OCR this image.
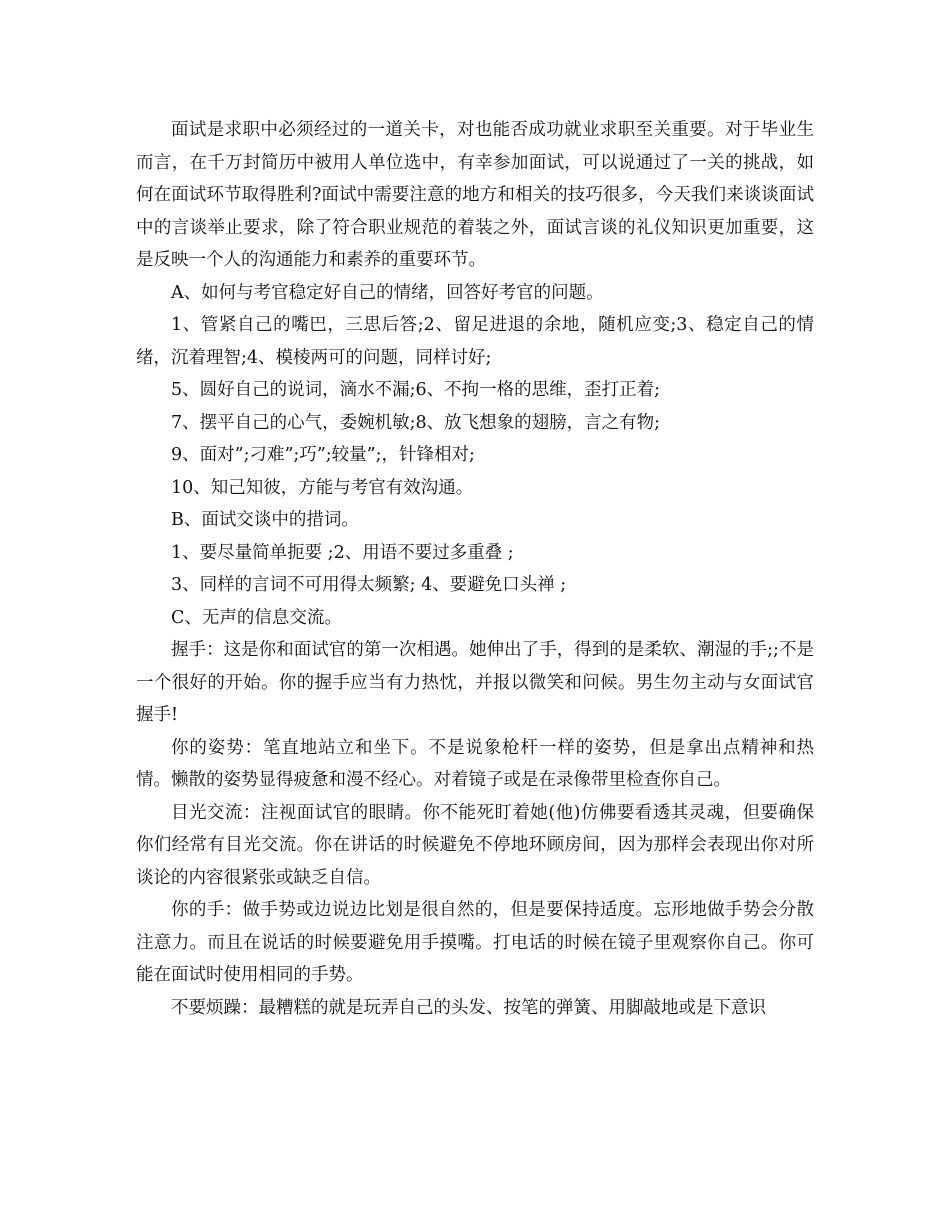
面试是求职中必须经过的一道关卡，对也能否成功就业求职至关重要。对于毕业生而言，在千万封简历中被用人单位选中，有幸参加面试，可以说通过了一关的挑战，如何在面试环节取得胜利?面试中需要注意的地方和相关的技巧很多，今天我们来谈谈面试中的言谈举止要求，除了符合职业规范的着装之外，面试言谈的礼仪知识更加重要，这是反映一个人的沟通能力和素养的重要环节。

A、如何与考官稳定好自己的情绪，回答好考官的问题。

1、管紧自己的嘴巴，三思后答;2、留足进退的余地，随机应变;3、稳定自己的情绪，沉着理智;4、模棱两可的问题，同样讨好;

5、圆好自己的说词，滴水不漏;6、不拘一格的思维，歪打正着;

7、摆平自己的心气，委婉机敏;8、放飞想象的翅膀，言之有物;

9、面对”;刁难”;巧”;较量”;，针锋相对;

10、知己知彼，方能与考官有效沟通。

B、面试交谈中的措词。

1、要尽量简单扼要 ;2、用语不要过多重叠 ;

3、同样的言词不可用得太频繁; 4、要避免口头禅 ;

C、无声的信息交流。

握手：这是你和面试官的第一次相遇。她伸出了手，得到的是柔软、潮湿的手;;不是一个很好的开始。你的握手应当有力热忱，并报以微笑和问候。男生勿主动与女面试官握手!

你的姿势：笔直地站立和坐下。不是说象枪杆一样的姿势，但是拿出点精神和热情。懒散的姿势显得疲惫和漫不经心。对着镜子或是在录像带里检查你自己。

目光交流：注视面试官的眼睛。你不能死盯着她(他)仿佛要看透其灵魂，但要确保你们经常有目光交流。你在讲话的时候避免不停地环顾房间，因为那样会表现出你对所谈论的内容很紧张或缺乏自信。

你的手：做手势或边说边比划是很自然的，但是要保持适度。忘形地做手势会分散注意力。而且在说话的时候要避免用手摸嘴。打电话的时候在镜子里观察你自己。你可能在面试时使用相同的手势。

不要烦躁：最糟糕的就是玩弄自己的头发、按笔的弹簧、用脚敲地或是下意识
